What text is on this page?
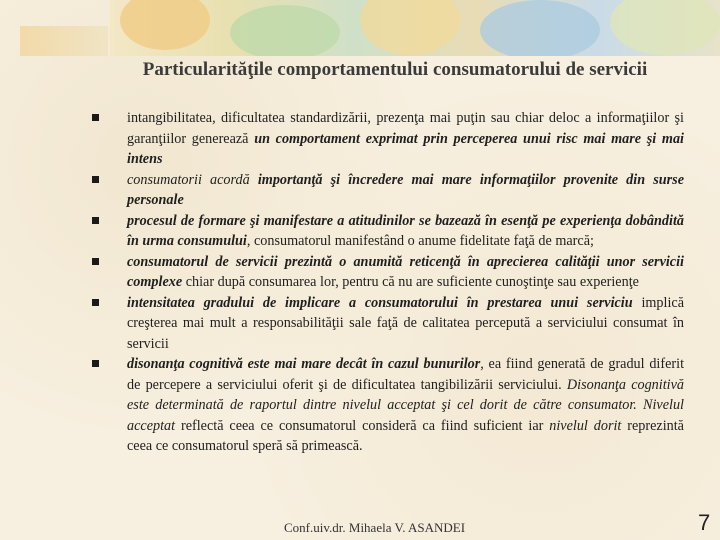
Particularităţile comportamentului consumatorului de servicii
intangibilitatea, dificultatea standardizării, prezenţa mai puţin sau chiar deloc a informaţiilor şi garanţiilor generează un comportament exprimat prin perceperea unui risc mai mare şi mai intens
consumatorii acordă importanţă şi încredere mai mare informaţiilor provenite din surse personale
procesul de formare şi manifestare a atitudinilor se bazează în esenţă pe experienţa dobândită în urma consumului, consumatorul manifestând o anume fidelitate faţă de marcă;
consumatorul de servicii prezintă o anumită reticenţă în aprecierea calităţii unor servicii complexe chiar după consumarea lor, pentru că nu are suficiente cunoştinţe sau experienţe
intensitatea gradului de implicare a consumatorului în prestarea unui serviciu implică creşterea mai mult a responsabilităţii sale faţă de calitatea percepută a serviciului consumat în servicii
disonanţa cognitivă este mai mare decât în cazul bunurilor, ea fiind generată de gradul diferit de percepere a serviciului oferit şi de dificultatea tangibilizării serviciului. Disonanţa cognitivă este determinată de raportul dintre nivelul acceptat şi cel dorit de către consumator. Nivelul acceptat reflectă ceea ce consumatorul consideră ca fiind suficient iar nivelul dorit reprezintă ceea ce consumatorul speră să primească.
Conf.uiv.dr. Mihaela V. ASANDEI	7
